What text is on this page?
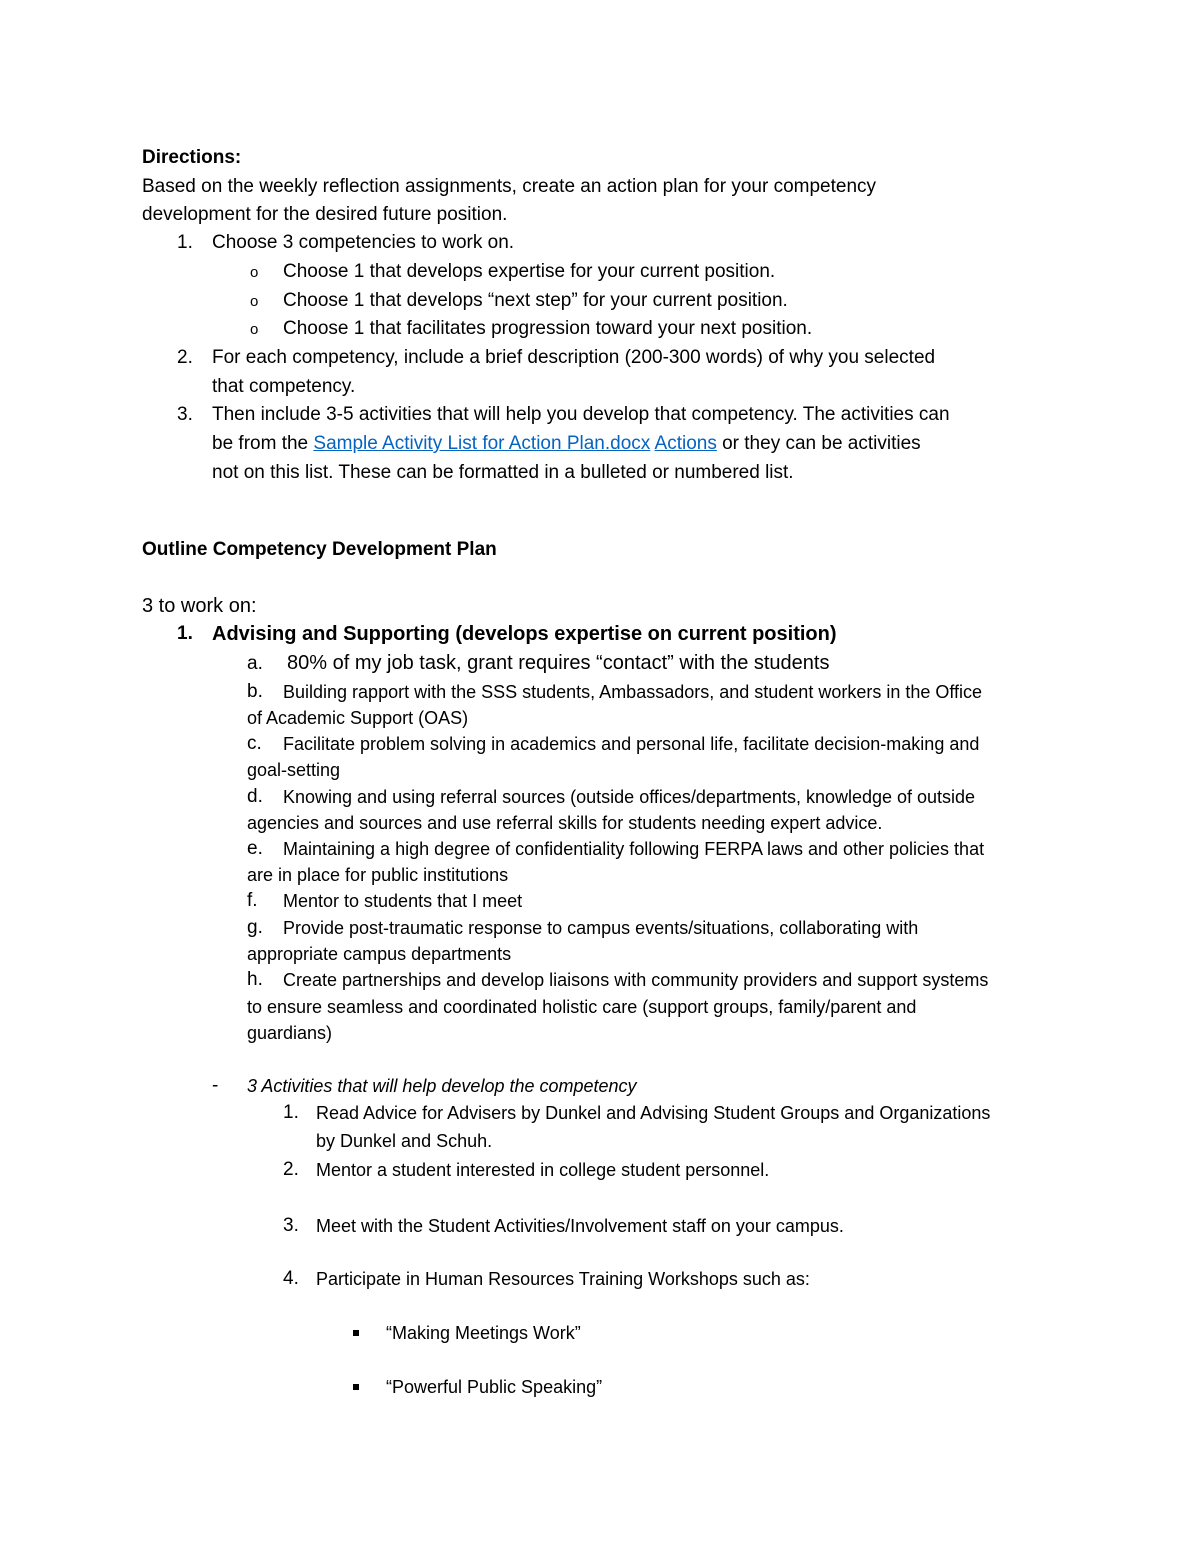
Directions:
Based on the weekly reflection assignments, create an action plan for your competency
development for the desired future position.
1. Choose 3 competencies to work on.
o Choose 1 that develops expertise for your current position.
o Choose 1 that develops “next step” for your current position.
o Choose 1 that facilitates progression toward your next position.
2. For each competency, include a brief description (200-300 words) of why you selected
that competency.
3. Then include 3-5 activities that will help you develop that competency. The activities can
be from the Sample Activity List for Action Plan.docx Actions or they can be activities
not on this list. These can be formatted in a bulleted or numbered list.
Outline Competency Development Plan
3 to work on:
1. Advising and Supporting (develops expertise on current position)
a. 80% of my job task, grant requires “contact” with the students
b. Building rapport with the SSS students, Ambassadors, and student workers in the Office
of Academic Support (OAS)
c. Facilitate problem solving in academics and personal life, facilitate decision-making and
goal-setting
d. Knowing and using referral sources (outside offices/departments, knowledge of outside
agencies and sources and use referral skills for students needing expert advice.
e. Maintaining a high degree of confidentiality following FERPA laws and other policies that
are in place for public institutions
f. Mentor to students that I meet
g. Provide post-traumatic response to campus events/situations, collaborating with
appropriate campus departments
h. Create partnerships and develop liaisons with community providers and support systems
to ensure seamless and coordinated holistic care (support groups, family/parent and
guardians)
- 3 Activities that will help develop the competency
1. Read Advice for Advisers by Dunkel and Advising Student Groups and Organizations
by Dunkel and Schuh.
2. Mentor a student interested in college student personnel.
3. Meet with the Student Activities/Involvement staff on your campus.
4. Participate in Human Resources Training Workshops such as:
“Making Meetings Work”
“Powerful Public Speaking”
